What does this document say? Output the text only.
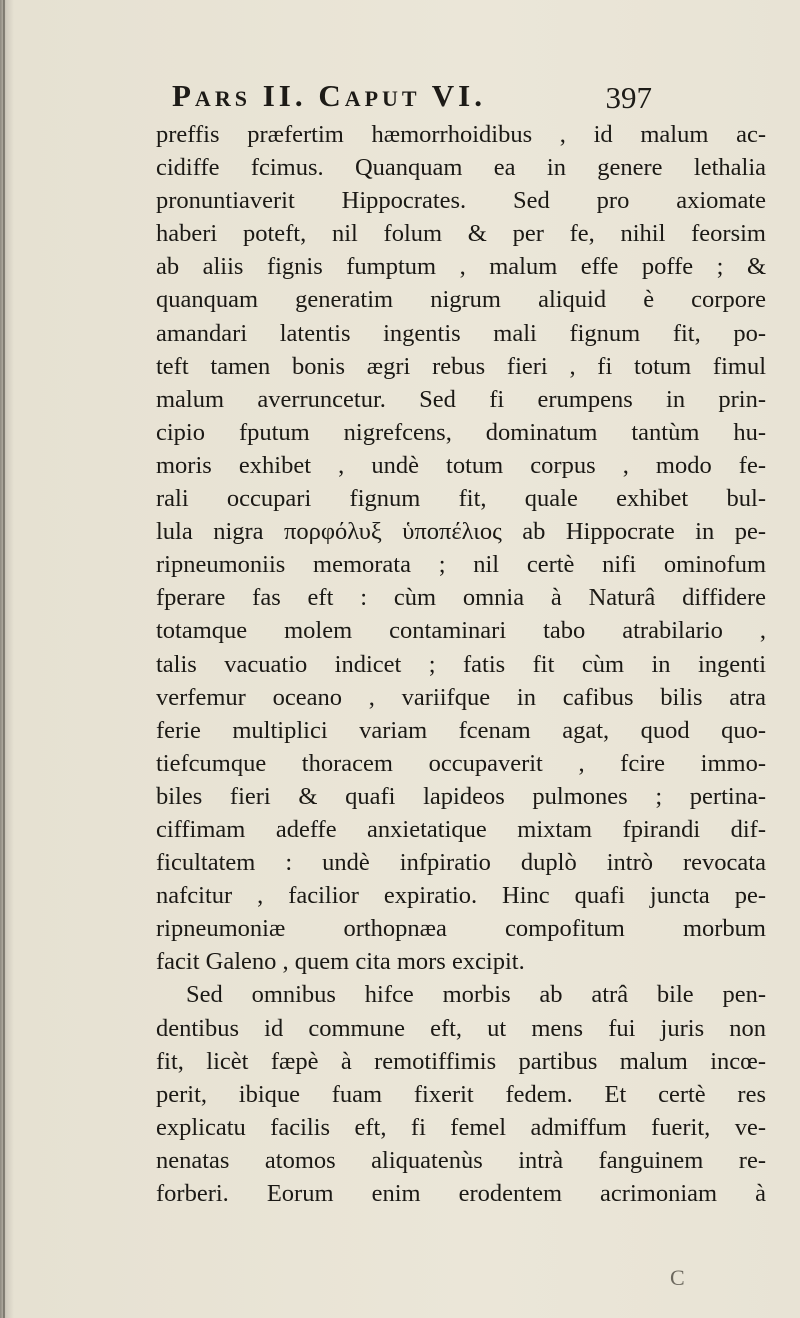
Pars II. Caput VI.	397
preffis præfertim hæmorrhoidibus , id malum ac-
cidiffe fcimus. Quanquam ea in genere lethalia
pronuntiaverit Hippocrates. Sed pro axiomate
haberi poteft, nil folum & per fe, nihil feorsim
ab aliis fignis fumptum , malum effe poffe ; &
quanquam generatim nigrum aliquid è corpore
amandari latentis ingentis mali fignum fit, po-
teft tamen bonis ægri rebus fieri , fi totum fimul
malum averruncetur. Sed fi erumpens in prin-
cipio fputum nigrefcens, dominatum tantùm hu-
moris exhibet , undè totum corpus , modo fe-
rali occupari fignum fit, quale exhibet bul-
lula nigra πορφόλυξ ὑποπέλιος ab Hippocrate in pe-
ripneumoniis memorata ; nil certè nifi ominofum
fperare fas eft : cùm omnia à Naturâ diffidere
totamque molem contaminari tabo atrabilario ,
talis vacuatio indicet ; fatis fit cùm in ingenti
verfemur oceano , variifque in cafibus bilis atra
ferie multiplici variam fcenam agat, quod quo-
tiefcumque thoracem occupaverit , fcire immo-
biles fieri & quafi lapideos pulmones ; pertina-
ciffimam adeffe anxietatique mixtam fpirandi dif-
ficultatem : undè infpiratio duplò intrò revocata
nafcitur , facilior expiratio. Hinc quafi juncta pe-
ripneumoniæ orthopnæa compofitum morbum
facit Galeno , quem cita mors excipit.
Sed omnibus hifce morbis ab atrâ bile pen-
dentibus id commune eft, ut mens fui juris non
fit, licèt fæpè à remotiffimis partibus malum incœ-
perit, ibique fuam fixerit fedem. Et certè res
explicatu facilis eft, fi femel admiffum fuerit, ve-
nenatas atomos aliquatenùs intrà fanguinem re-
forberi. Eorum enim erodentem acrimoniam à
C
